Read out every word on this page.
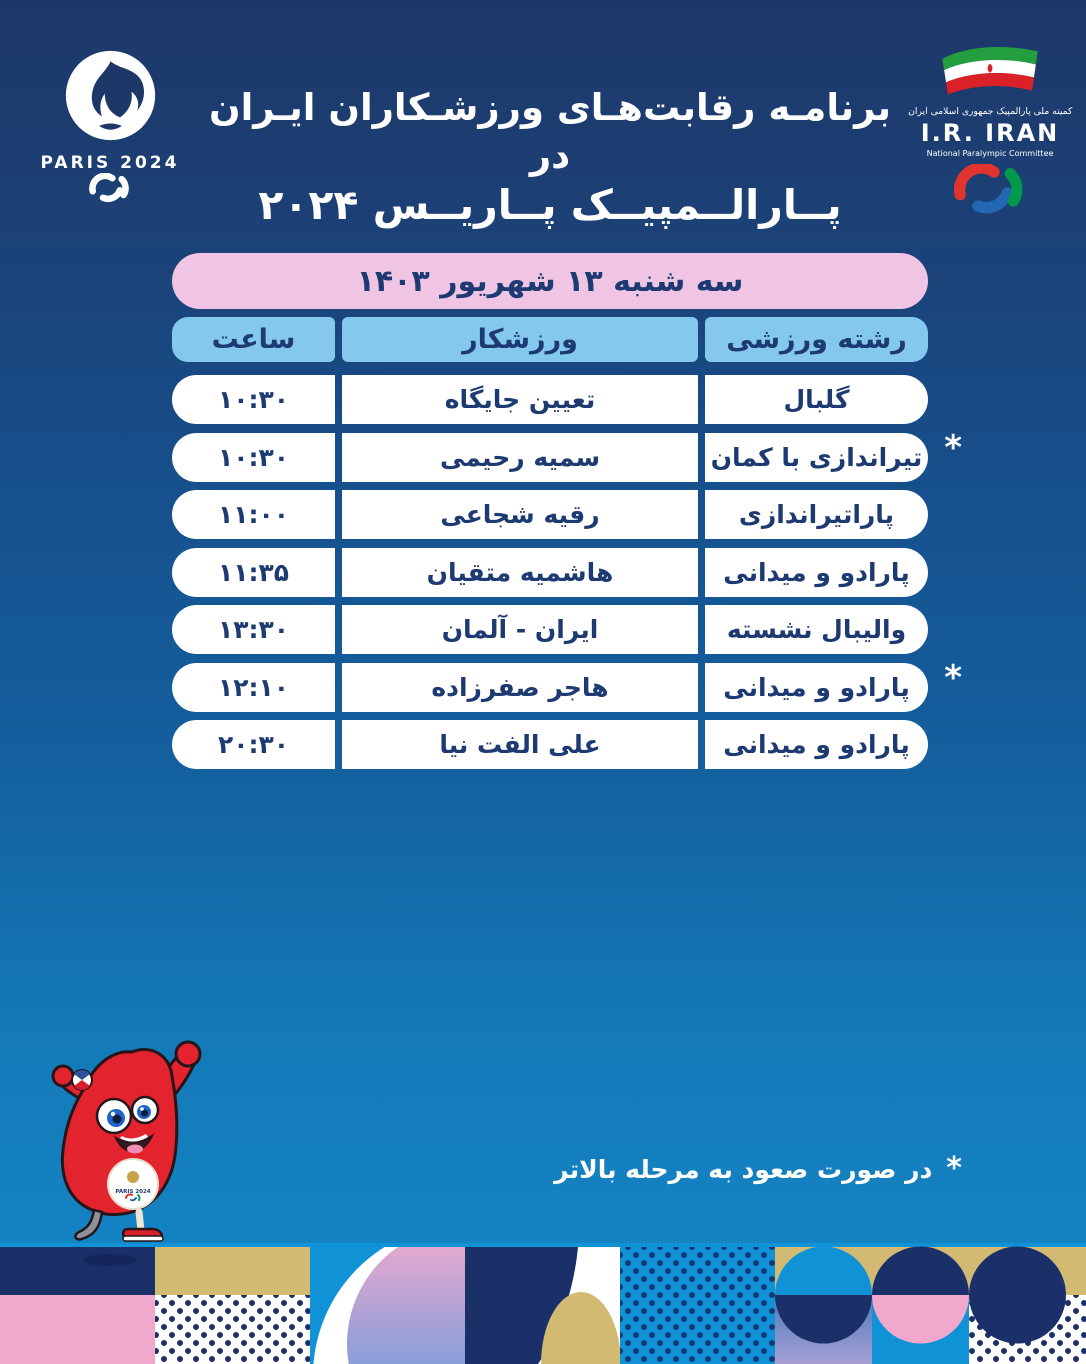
PARIS 2024
برنامـه رقابت‌هـای ورزشـکاران ایـران در
پــارالــمپیــک پــاریــس ۲۰۲۴
کمیته ملی پارالمپیک جمهوری اسلامی ایران
I.R. IRAN
National Paralympic Committee
سه شنبه ۱۳ شهریور ۱۴۰۳
رشته ورزشی
ورزشکار
ساعت
گلبال
تعیین جایگاه
۱۰:۳۰
تیراندازی با کمان
سمیه رحیمی
۱۰:۳۰	*
پاراتیراندازی
رقیه شجاعی
۱۱:۰۰
پارادو و میدانی
هاشمیه متقیان
۱۱:۳۵
والیبال نشسته
ایران - آلمان
۱۳:۳۰
پارادو و میدانی
هاجر صفرزاده
۱۲:۱۰	*
پارادو و میدانی
علی الفت نیا
۲۰:۳۰
*
در صورت صعود به مرحله بالاتر
PARIS 2024
